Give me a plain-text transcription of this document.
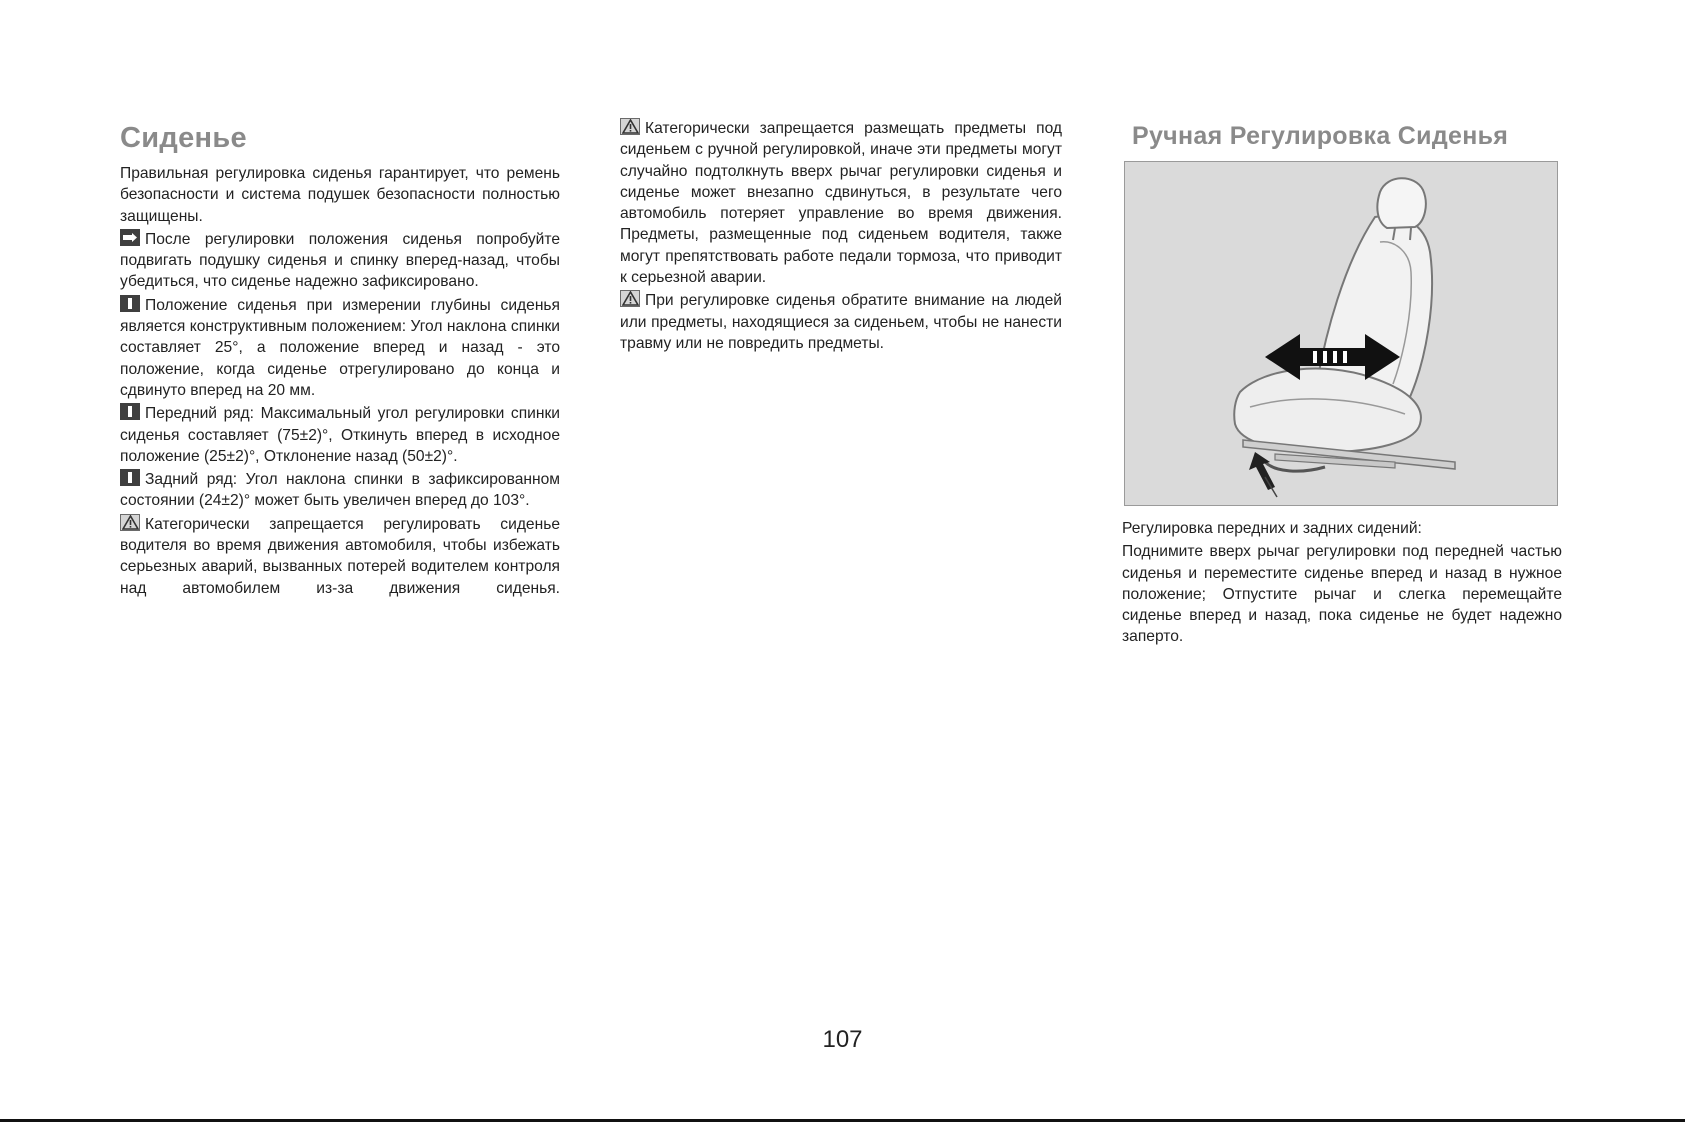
Сиденье

Правильная регулировка сиденья гарантирует, что ремень безопасности и система подушек безопасности полностью защищены.

После регулировки положения сиденья попробуйте подвигать подушку сиденья и спинку вперед-назад, чтобы убедиться, что сиденье надежно зафиксировано.

Положение сиденья при измерении глубины сиденья является конструктивным положением: Угол наклона спинки составляет 25°, а положение вперед и назад - это положение, когда сиденье отрегулировано до конца и сдвинуто вперед на 20 мм.

Передний ряд: Максимальный угол регулировки спинки сиденья составляет (75±2)°, Откинуть вперед в исходное положение (25±2)°, Отклонение назад (50±2)°.

Задний ряд: Угол наклона спинки в зафиксированном состоянии (24±2)° может быть увеличен вперед до 103°.

Категорически запрещается регулировать сиденье водителя во время движения автомобиля, чтобы избежать серьезных аварий, вызванных потерей водителем контроля над автомобилем из-за движения сиденья.

Категорически запрещается размещать предметы под сиденьем с ручной регулировкой, иначе эти предметы могут случайно подтолкнуть вверх рычаг регулировки сиденья и сиденье может внезапно сдвинуться, в результате чего автомобиль потеряет управление во время движения. Предметы, размещенные под сиденьем водителя, также могут препятствовать работе педали тормоза, что приводит к серьезной аварии.

При регулировке сиденья обратите внимание на людей или предметы, находящиеся за сиденьем, чтобы не нанести травму или не повредить предметы.

Ручная Регулировка Сиденья

Регулировка передних и задних сидений:

Поднимите вверх рычаг регулировки под передней частью сиденья и переместите сиденье вперед и назад в нужное положение; Отпустите рычаг и слегка перемещайте сиденье вперед и назад, пока сиденье не будет надежно заперто.

107
